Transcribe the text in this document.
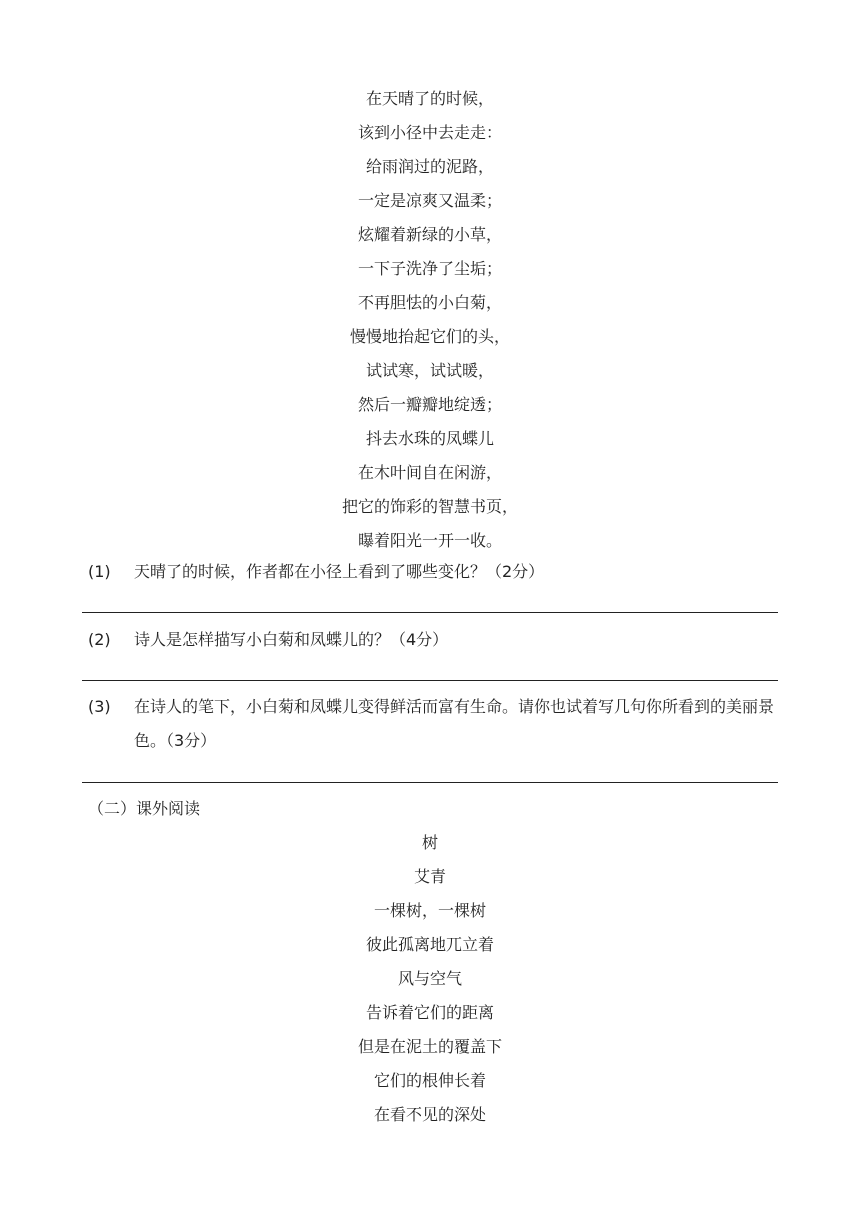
在天晴了的时候，
该到小径中去走走：
给雨润过的泥路，
一定是凉爽又温柔；
炫耀着新绿的小草，
一下子洗净了尘垢；
不再胆怯的小白菊，
慢慢地抬起它们的头，
试试寒，试试暖，
然后一瓣瓣地绽透；
抖去水珠的凤蝶儿
在木叶间自在闲游，
把它的饰彩的智慧书页，
曝着阳光一开一收。
(1)	天晴了的时候，作者都在小径上看到了哪些变化？（2分）
(2)	诗人是怎样描写小白菊和凤蝶儿的？（4分）
(3)	在诗人的笔下，小白菊和凤蝶儿变得鲜活而富有生命。请你也试着写几句你所看到的美丽景色。（3分）
（二）课外阅读
树
艾青
一棵树，一棵树
彼此孤离地兀立着
风与空气
告诉着它们的距离
但是在泥土的覆盖下
它们的根伸长着
在看不见的深处
